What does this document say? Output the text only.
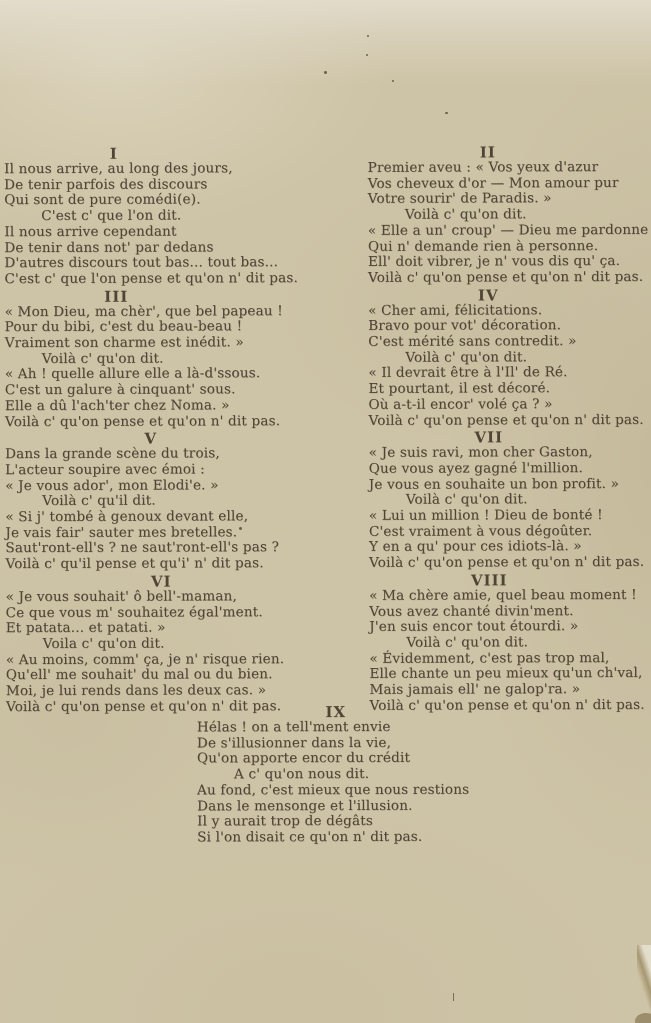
I
Il nous arrive, au long des jours,
De tenir parfois des discours
Qui sont de pure comédi(e).
C'est c' que l'on dit.
Il nous arrive cependant
De tenir dans not' par dedans
D'autres discours tout bas... tout bas...
C'est c' que l'on pense et qu'on n' dit pas.
III
« Mon Dieu, ma chèr', que bel papeau !
Pour du bibi, c'est du beau-beau !
Vraiment son charme est inédit. »
Voilà c' qu'on dit.
« Ah ! quelle allure elle a là-d'ssous.
C'est un galure à cinquant' sous.
Elle a dû l'ach'ter chez Noma. »
Voilà c' qu'on pense et qu'on n' dit pas.
V
Dans la grande scène du trois,
L'acteur soupire avec émoi :
« Je vous ador', mon Elodi'e. »
Voilà c' qu'il dit.
« Si j' tombé à genoux devant elle,
Je vais fair' sauter mes bretelles.
Saut'ront-ell's ? ne saut'ront-ell's pas ?
Voilà c' qu'il pense et qu'i' n' dit pas.
VI
« Je vous souhait' ô bell'-maman,
Ce que vous m' souhaitez égal'ment.
Et patata... et patati. »
Voila c' qu'on dit.
« Au moins, comm' ça, je n' risque rien.
Qu'ell' me souhait' du mal ou du bien.
Moi, je lui rends dans les deux cas. »
Voilà c' qu'on pense et qu'on n' dit pas.
II
Premier aveu : « Vos yeux d'azur
Vos cheveux d'or — Mon amour pur
Votre sourir' de Paradis. »
Voilà c' qu'on dit.
« Elle a un' croup' — Dieu me pardonne
Qui n' demande rien à personne.
Ell' doit vibrer, je n' vous dis qu' ça.
Voilà c' qu'on pense et qu'on n' dit pas.
IV
« Cher ami, félicitations.
Bravo pour vot' décoration.
C'est mérité sans contredit. »
Voilà c' qu'on dit.
« Il devrait être à l'Il' de Ré.
Et pourtant, il est décoré.
Où a-t-il encor' volé ça ? »
Voilà c' qu'on pense et qu'on n' dit pas.
VII
« Je suis ravi, mon cher Gaston,
Que vous ayez gagné l'million.
Je vous en souhaite un bon profit. »
Voilà c' qu'on dit.
« Lui un million ! Dieu de bonté !
C'est vraiment à vous dégoûter.
Y en a qu' pour ces idiots-là. »
Voilà c' qu'on pense et qu'on n' dit pas.
VIII
« Ma chère amie, quel beau moment !
Vous avez chanté divin'ment.
J'en suis encor tout étourdi. »
Voilà c' qu'on dit.
« Évidemment, c'est pas trop mal,
Elle chante un peu mieux qu'un ch'val,
Mais jamais ell' ne galop'ra. »
Voilà c' qu'on pense et qu'on n' dit pas.
IX
Hélas ! on a tell'ment envie
De s'illusionner dans la vie,
Qu'on apporte encor du crédit
A c' qu'on nous dit.
Au fond, c'est mieux que nous restions
Dans le mensonge et l'illusion.
Il y aurait trop de dégâts
Si l'on disait ce qu'on n' dit pas.
